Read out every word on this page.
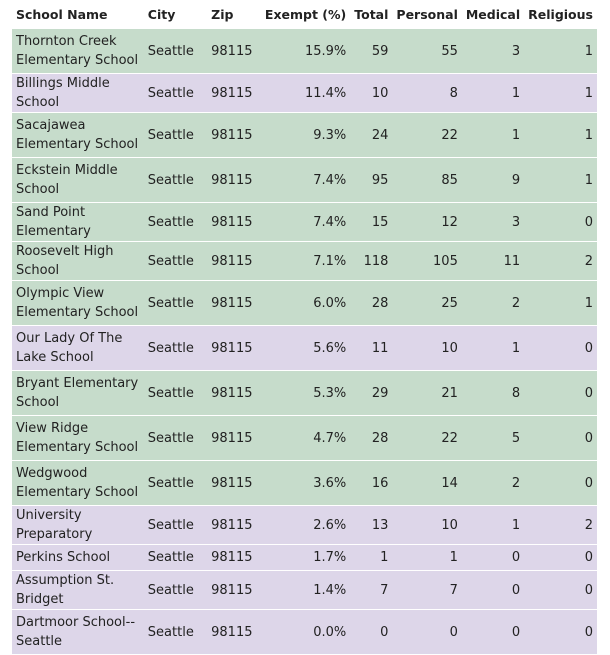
School Name	City	Zip	Exempt (%)	Total	Personal	Medical	Religious
Thornton Creek Elementary School	Seattle	98115	15.9%	59	55	3	1
Billings Middle School	Seattle	98115	11.4%	10	8	1	1
Sacajawea Elementary School	Seattle	98115	9.3%	24	22	1	1
Eckstein Middle School	Seattle	98115	7.4%	95	85	9	1
Sand Point Elementary	Seattle	98115	7.4%	15	12	3	0
Roosevelt High School	Seattle	98115	7.1%	118	105	11	2
Olympic View Elementary School	Seattle	98115	6.0%	28	25	2	1
Our Lady Of The Lake School	Seattle	98115	5.6%	11	10	1	0
Bryant Elementary School	Seattle	98115	5.3%	29	21	8	0
View Ridge Elementary School	Seattle	98115	4.7%	28	22	5	0
Wedgwood Elementary School	Seattle	98115	3.6%	16	14	2	0
University Preparatory	Seattle	98115	2.6%	13	10	1	2
Perkins School	Seattle	98115	1.7%	1	1	0	0
Assumption St. Bridget	Seattle	98115	1.4%	7	7	0	0
Dartmoor School--Seattle	Seattle	98115	0.0%	0	0	0	0
